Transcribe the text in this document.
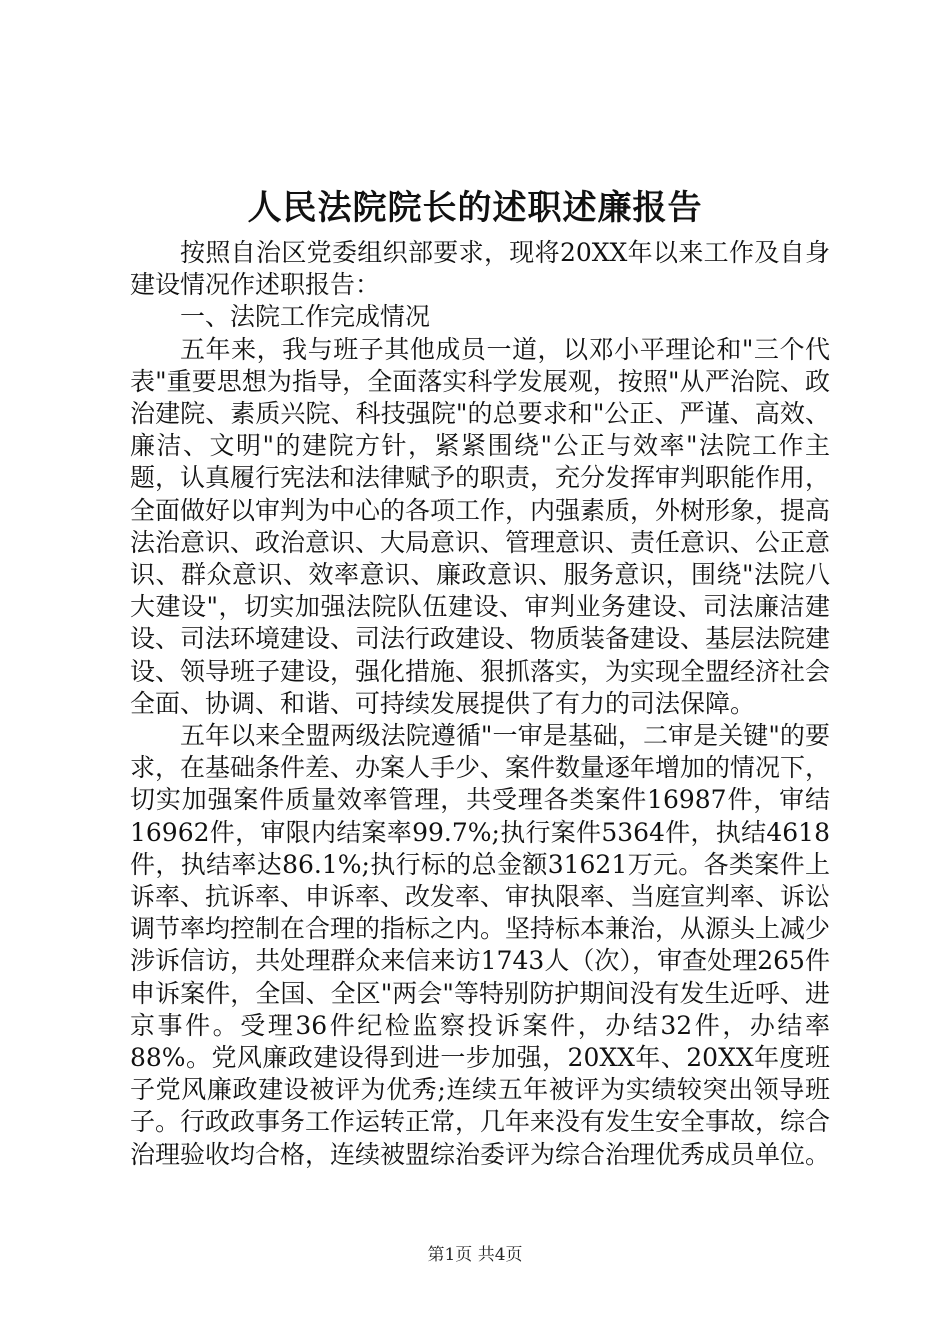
人民法院院长的述职述廉报告

按照自治区党委组织部要求，现将20XX年以来工作及自身建设情况作述职报告：

一、法院工作完成情况

五年来，我与班子其他成员一道，以邓小平理论和"三个代表"重要思想为指导，全面落实科学发展观，按照"从严治院、政治建院、素质兴院、科技强院"的总要求和"公正、严谨、高效、廉洁、文明"的建院方针，紧紧围绕"公正与效率"法院工作主题，认真履行宪法和法律赋予的职责，充分发挥审判职能作用，全面做好以审判为中心的各项工作，内强素质，外树形象，提高法治意识、政治意识、大局意识、管理意识、责任意识、公正意识、群众意识、效率意识、廉政意识、服务意识，围绕"法院八大建设"，切实加强法院队伍建设、审判业务建设、司法廉洁建设、司法环境建设、司法行政建设、物质装备建设、基层法院建设、领导班子建设，强化措施、狠抓落实，为实现全盟经济社会全面、协调、和谐、可持续发展提供了有力的司法保障。

五年以来全盟两级法院遵循"一审是基础，二审是关键"的要求，在基础条件差、办案人手少、案件数量逐年增加的情况下，切实加强案件质量效率管理，共受理各类案件16987件，审结16962件，审限内结案率99.7%;执行案件5364件，执结4618件，执结率达86.1%;执行标的总金额31621万元。各类案件上诉率、抗诉率、申诉率、改发率、审执限率、当庭宣判率、诉讼调节率均控制在合理的指标之内。坚持标本兼治，从源头上减少涉诉信访，共处理群众来信来访1743人（次），审查处理265件申诉案件，全国、全区"两会"等特别防护期间没有发生近呼、进京事件。受理36件纪检监察投诉案件，办结32件，办结率88%。党风廉政建设得到进一步加强，20XX年、20XX年度班子党风廉政建设被评为优秀;连续五年被评为实绩较突出领导班子。行政政事务工作运转正常，几年来没有发生安全事故，综合治理验收均合格，连续被盟综治委评为综合治理优秀成员单位。

第1页 共4页
